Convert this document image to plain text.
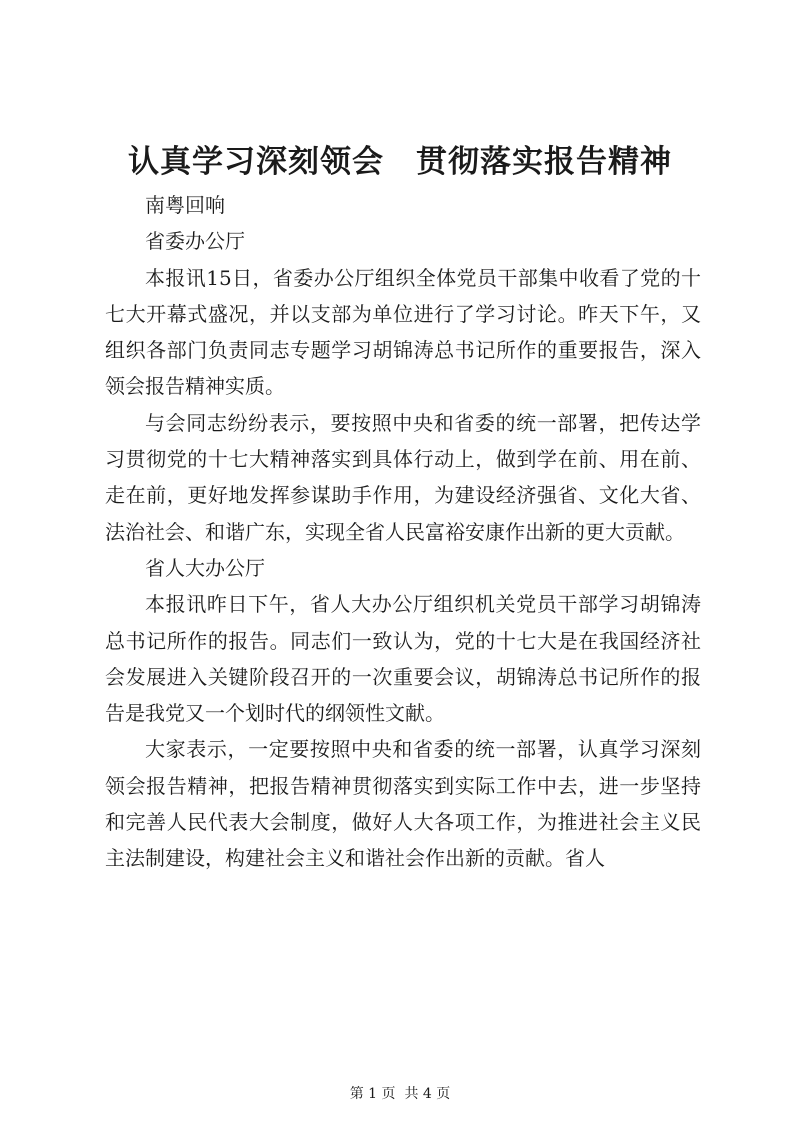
认真学习深刻领会　贯彻落实报告精神

南粤回响

省委办公厅

本报讯15日，省委办公厅组织全体党员干部集中收看了党的十七大开幕式盛况，并以支部为单位进行了学习讨论。昨天下午，又组织各部门负责同志专题学习胡锦涛总书记所作的重要报告，深入领会报告精神实质。

与会同志纷纷表示，要按照中央和省委的统一部署，把传达学习贯彻党的十七大精神落实到具体行动上，做到学在前、用在前、走在前，更好地发挥参谋助手作用，为建设经济强省、文化大省、法治社会、和谐广东，实现全省人民富裕安康作出新的更大贡献。

省人大办公厅

本报讯昨日下午，省人大办公厅组织机关党员干部学习胡锦涛总书记所作的报告。同志们一致认为，党的十七大是在我国经济社会发展进入关键阶段召开的一次重要会议，胡锦涛总书记所作的报告是我党又一个划时代的纲领性文献。

大家表示，一定要按照中央和省委的统一部署，认真学习深刻领会报告精神，把报告精神贯彻落实到实际工作中去，进一步坚持和完善人民代表大会制度，做好人大各项工作，为推进社会主义民主法制建设，构建社会主义和谐社会作出新的贡献。省人

第 1 页  共 4 页
